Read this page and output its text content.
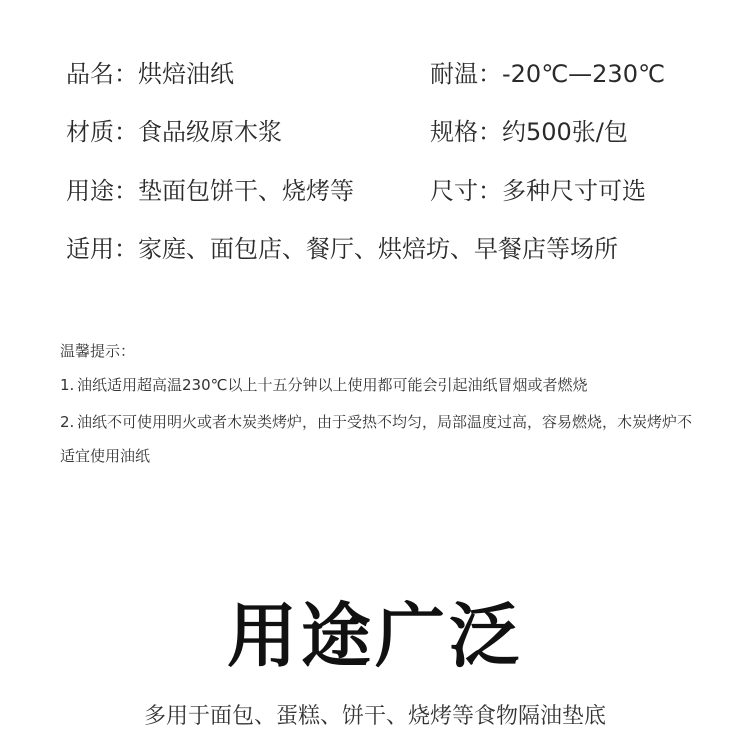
品名：烘焙油纸	耐温：-20℃—230℃
材质：食品级原木浆	规格：约500张/包
用途：垫面包饼干、烧烤等	尺寸：多种尺寸可选
适用：家庭、面包店、餐厅、烘焙坊、早餐店等场所
温馨提示：
1. 油纸适用超高温230℃以上十五分钟以上使用都可能会引起油纸冒烟或者燃烧
2. 油纸不可使用明火或者木炭类烤炉，由于受热不均匀，局部温度过高，容易燃烧，木炭烤炉不适宜使用油纸
用途广泛
多用于面包、蛋糕、饼干、烧烤等食物隔油垫底
